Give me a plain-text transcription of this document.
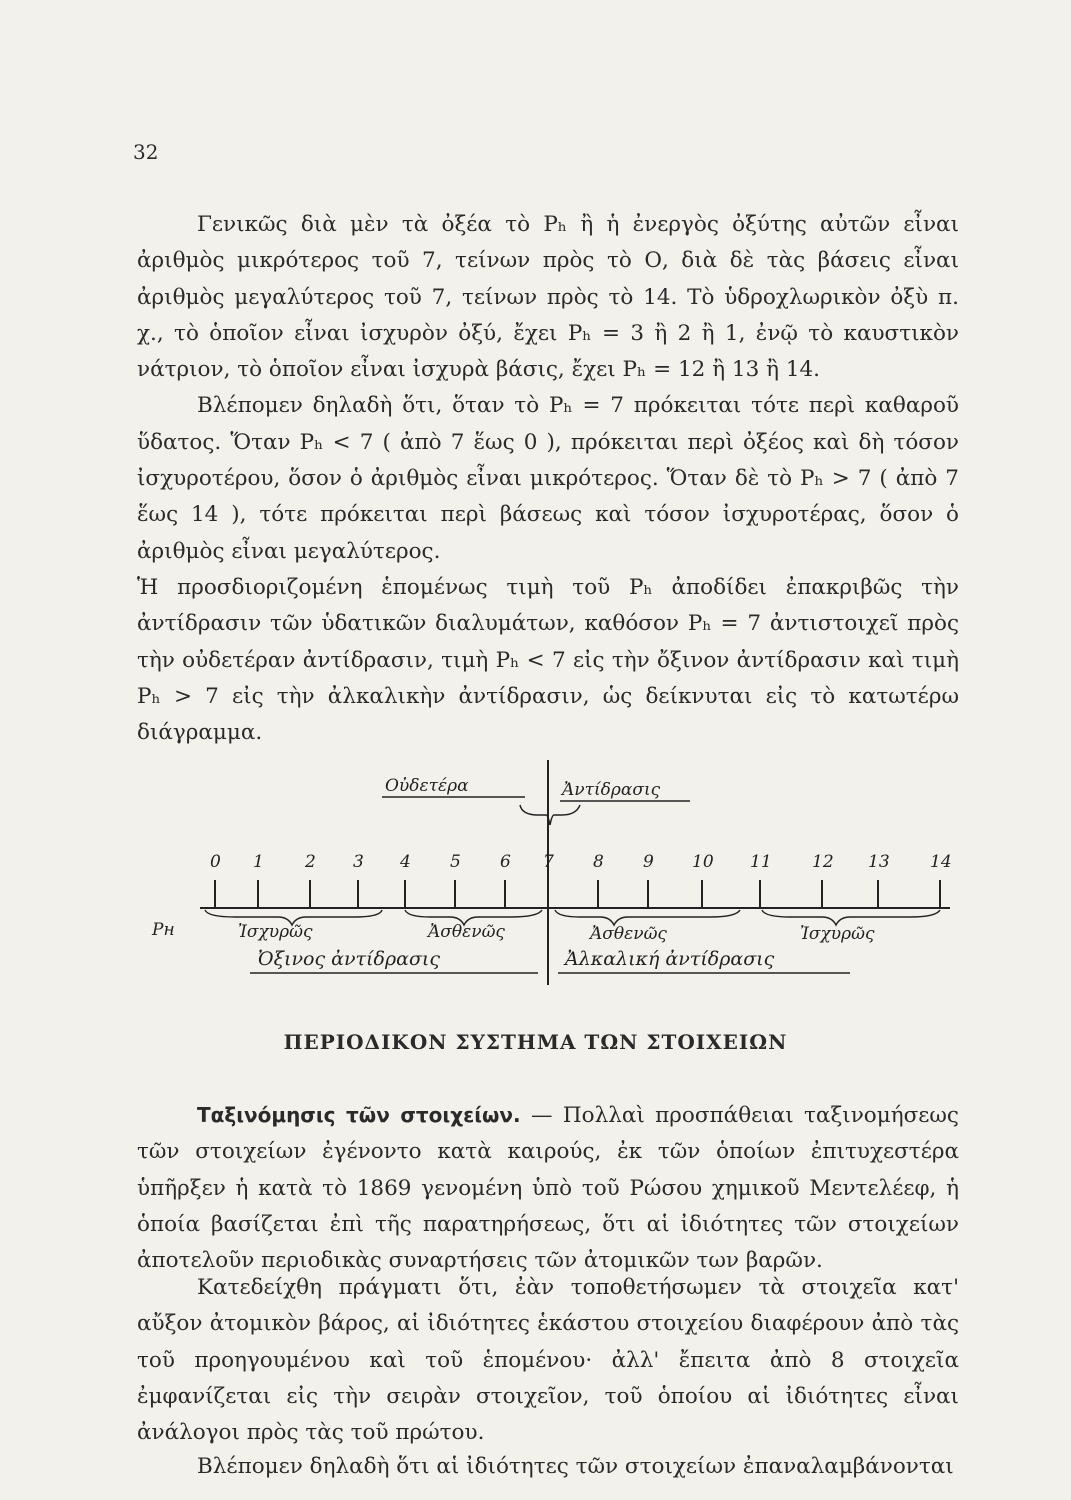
32

Γενικῶς διὰ μὲν τὰ ὀξέα τὸ Pₕ ἢ ἡ ἐνεργὸς ὀξύτης αὐτῶν εἶναι ἀριθμὸς μικρότερος τοῦ 7, τείνων πρὸς τὸ Ο, διὰ δὲ τὰς βάσεις εἶναι ἀριθμὸς μεγαλύτερος τοῦ 7, τείνων πρὸς τὸ 14. Τὸ ὑδροχλωρικὸν ὀξὺ π. χ., τὸ ὁποῖον εἶναι ἰσχυρὸν ὀξύ, ἔχει Pₕ = 3 ἢ 2 ἢ 1, ἐνῷ τὸ καυστικὸν νάτριον, τὸ ὁποῖον εἶναι ἰσχυρὰ βάσις, ἔχει Pₕ = 12 ἢ 13 ἢ 14.

Βλέπομεν δηλαδὴ ὅτι, ὅταν τὸ Pₕ = 7 πρόκειται τότε περὶ καθαροῦ ὕδατος. Ὅταν Pₕ < 7 ( ἀπὸ 7 ἕως 0 ), πρόκειται περὶ ὀξέος καὶ δὴ τόσον ἰσχυροτέρου, ὅσον ὁ ἀριθμὸς εἶναι μικρότερος. Ὅταν δὲ τὸ Pₕ > 7 ( ἀπὸ 7 ἕως 14 ), τότε πρόκειται περὶ βάσεως καὶ τόσον ἰσχυροτέρας, ὅσον ὁ ἀριθμὸς εἶναι μεγαλύτερος.

Ἡ προσδιοριζομένη ἑπομένως τιμὴ τοῦ Pₕ ἀποδίδει ἐπακριβῶς τὴν ἀντίδρασιν τῶν ὑδατικῶν διαλυμάτων, καθόσον Pₕ = 7 ἀντιστοιχεῖ πρὸς τὴν οὐδετέραν ἀντίδρασιν, τιμὴ Pₕ < 7 εἰς τὴν ὄξινον ἀντίδρασιν καὶ τιμὴ Pₕ > 7 εἰς τὴν ἀλκαλικὴν ἀντίδρασιν, ὡς δείκνυται εἰς τὸ κατωτέρω διάγραμμα.

Οὐδετέρα	Ἀντίδρασις
0 1 2 3 4 5 6 7 8 9 10 11 12 13 14
Pн	Ἰσχυρῶς	Ἀσθενῶς	Ἀσθενῶς	Ἰσχυρῶς
Ὀξινος ἀντίδρασις	Ἀλκαλική ἀντίδρασις
ΠΕΡΙΟΔΙΚΟΝ ΣΥΣΤΗΜΑ ΤΩΝ ΣΤΟΙΧΕΙΩΝ

Ταξινόμησις τῶν στοιχείων. — Πολλαὶ προσπάθειαι ταξινομήσεως τῶν στοιχείων ἐγένοντο κατὰ καιρούς, ἐκ τῶν ὁποίων ἐπιτυχεστέρα ὑπῆρξεν ἡ κατὰ τὸ 1869 γενομένη ὑπὸ τοῦ Ρώσου χημικοῦ Μεντελέεφ, ἡ ὁποία βασίζεται ἐπὶ τῆς παρατηρήσεως, ὅτι αἱ ἰδιότητες τῶν στοιχείων ἀποτελοῦν περιοδικὰς συναρτήσεις τῶν ἀτομικῶν των βαρῶν.

Κατεδείχθη πράγματι ὅτι, ἐὰν τοποθετήσωμεν τὰ στοιχεῖα κατ' αὔξον ἀτομικὸν βάρος, αἱ ἰδιότητες ἑκάστου στοιχείου διαφέρουν ἀπὸ τὰς τοῦ προηγουμένου καὶ τοῦ ἑπομένου· ἀλλ' ἔπειτα ἀπὸ 8 στοιχεῖα ἐμφανίζεται εἰς τὴν σειρὰν στοιχεῖον, τοῦ ὁποίου αἱ ἰδιότητες εἶναι ἀνάλογοι πρὸς τὰς τοῦ πρώτου.

Βλέπομεν δηλαδὴ ὅτι αἱ ἰδιότητες τῶν στοιχείων ἐπαναλαμβάνονται
